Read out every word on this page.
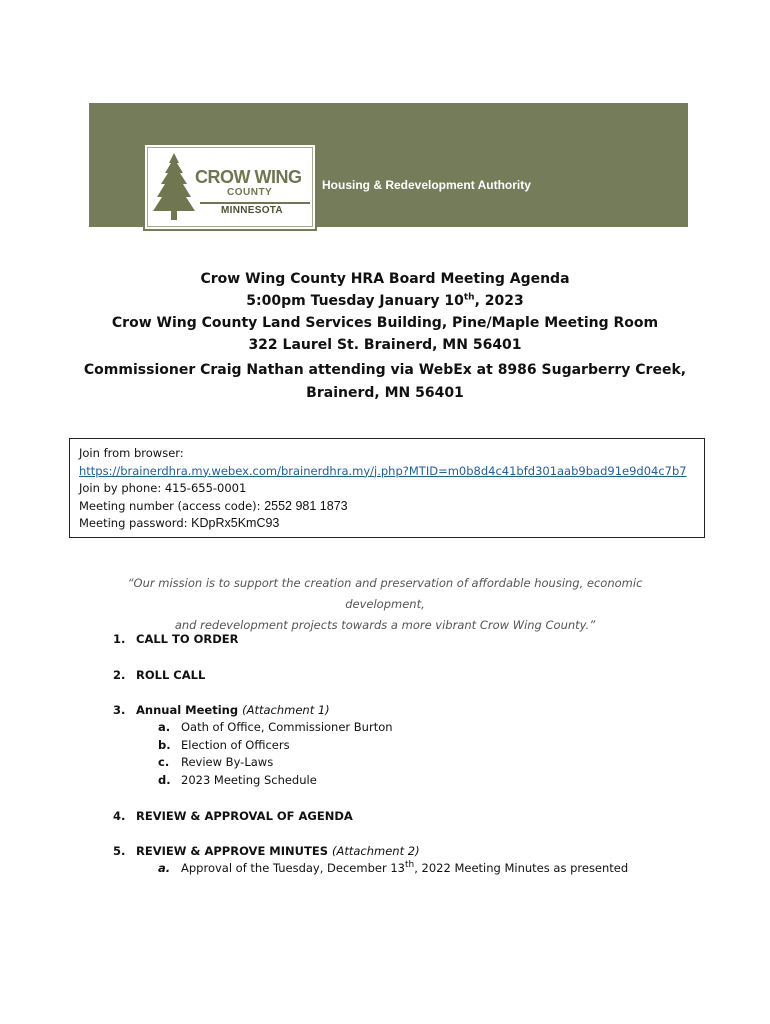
CROW WING
COUNTY
MINNESOTA
Housing & Redevelopment Authority
Crow Wing County HRA Board Meeting Agenda
5:00pm Tuesday January 10th, 2023
Crow Wing County Land Services Building, Pine/Maple Meeting Room
322 Laurel St. Brainerd, MN 56401
Commissioner Craig Nathan attending via WebEx at 8986 Sugarberry Creek,
Brainerd, MN 56401
Join from browser:
https://brainerdhra.my.webex.com/brainerdhra.my/j.php?MTID=m0b8d4c41bfd301aab9bad91e9d04c7b7
Join by phone: 415-655-0001
Meeting number (access code): 2552 981 1873
Meeting password: KDpRx5KmC93
“Our mission is to support the creation and preservation of affordable housing, economic development,
and redevelopment projects towards a more vibrant Crow Wing County.”
1. CALL TO ORDER
2. ROLL CALL
3. Annual Meeting (Attachment 1)
a. Oath of Office, Commissioner Burton
b. Election of Officers
c. Review By-Laws
d. 2023 Meeting Schedule
4. REVIEW & APPROVAL OF AGENDA
5. REVIEW & APPROVE MINUTES (Attachment 2)
a. Approval of the Tuesday, December 13th, 2022 Meeting Minutes as presented
